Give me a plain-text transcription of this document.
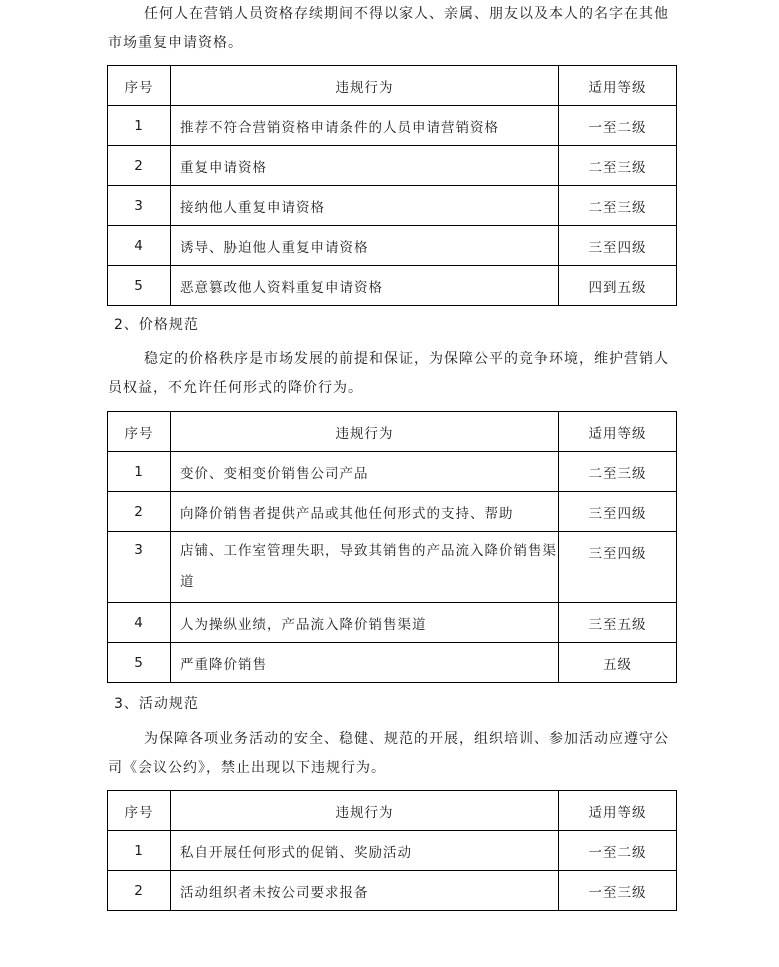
任何人在营销人员资格存续期间不得以家人、亲属、朋友以及本人的名字在其他市场重复申请资格。

序号	违规行为	适用等级
1	推荐不符合营销资格申请条件的人员申请营销资格	一至二级
2	重复申请资格	二至三级
3	接纳他人重复申请资格	二至三级
4	诱导、胁迫他人重复申请资格	三至四级
5	恶意篡改他人资料重复申请资格	四到五级
2、价格规范

稳定的价格秩序是市场发展的前提和保证，为保障公平的竞争环境，维护营销人员权益，不允许任何形式的降价行为。

序号	违规行为	适用等级
1	变价、变相变价销售公司产品	二至三级
2	向降价销售者提供产品或其他任何形式的支持、帮助	三至四级
3	店铺、工作室管理失职，导致其销售的产品流入降价销售渠道	三至四级
4	人为操纵业绩，产品流入降价销售渠道	三至五级
5	严重降价销售	五级
3、活动规范

为保障各项业务活动的安全、稳健、规范的开展，组织培训、参加活动应遵守公司《会议公约》，禁止出现以下违规行为。

序号	违规行为	适用等级
1	私自开展任何形式的促销、奖励活动	一至二级
2	活动组织者未按公司要求报备	一至三级
